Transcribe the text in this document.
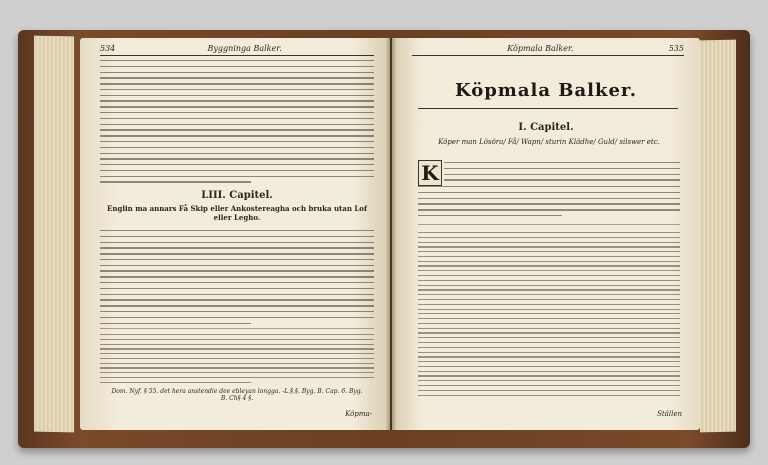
534	Byggninga Balker.
LIII. Capitel.
Englin ma annars Få Skip eller Ankostereagha och bruka utan Lof eller Legho.
Dom. Nyf. § 55. det hera anstendie dee ebleyan longga. -L.§.§. Byg. B. Cap. 6. Byg. B. Ch§ 4 §.
Köpma-
Köpmala Balker.	535
Köpmala Balker.
I. Capitel.
Köper man Lösöra/ Få/ Wapn/ sturin Klädhe/ Guld/ silswer etc.
K
Ställen
